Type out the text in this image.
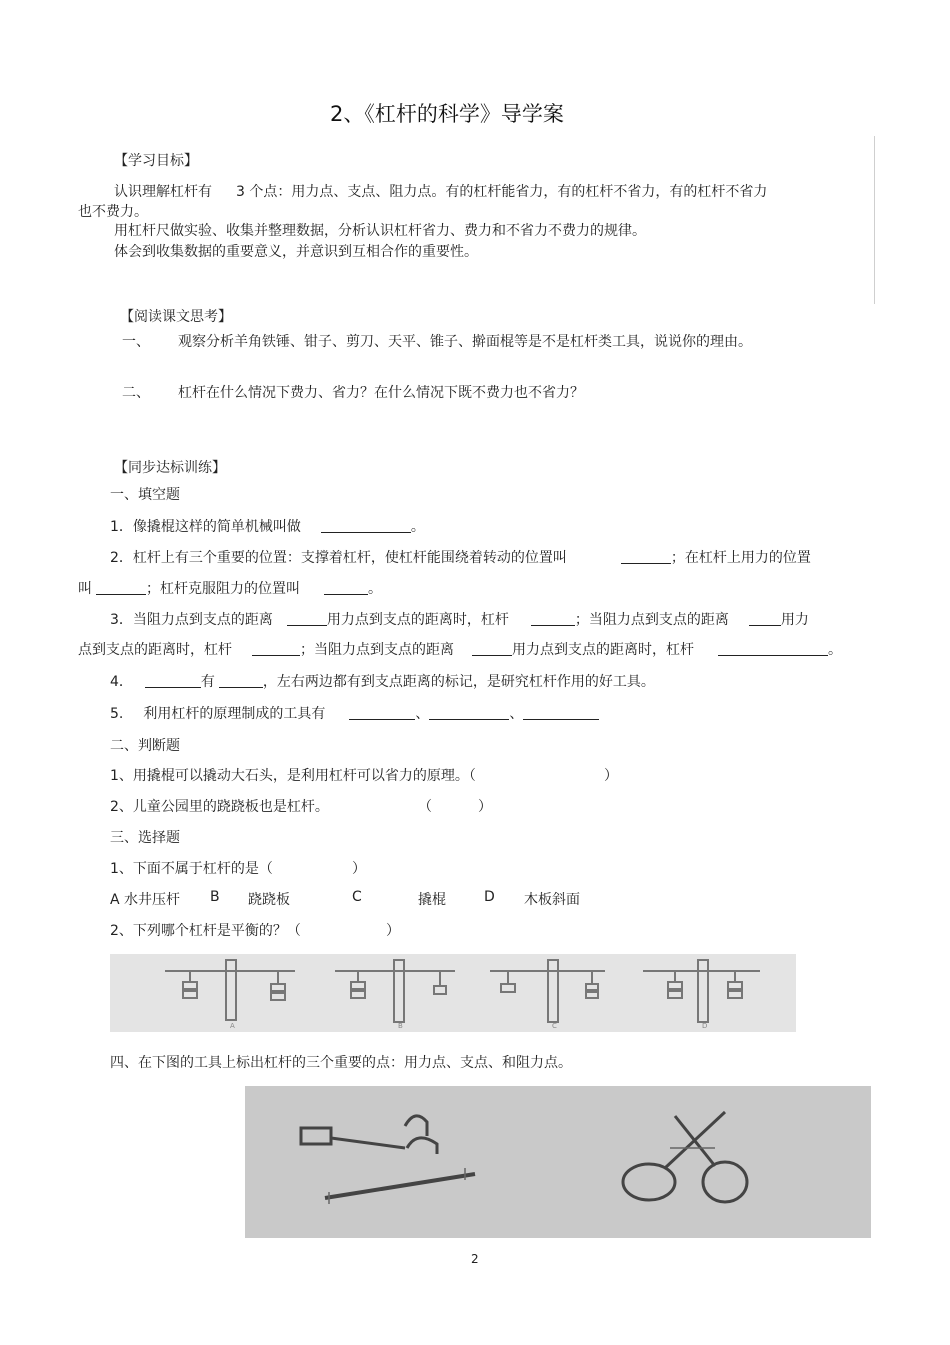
2、《杠杆的科学》导学案
【学习目标】
认识理解杠杆有 3 个点：用力点、支点、阻力点。有的杠杆能省力，有的杠杆不省力，有的杠杆不省力
也不费力。
用杠杆尺做实验、收集并整理数据，分析认识杠杆省力、费力和不省力不费力的规律。
体会到收集数据的重要意义，并意识到互相合作的重要性。
【阅读课文思考】
一、 观察分析羊角铁锤、钳子、剪刀、天平、锥子、擀面棍等是不是杠杆类工具，说说你的理由。
二、 杠杆在什么情况下费力、省力？在什么情况下既不费力也不省力？
【同步达标训练】
一、填空题
1．像撬棍这样的简单机械叫做	。
2．杠杆上有三个重要的位置：支撑着杠杆，使杠杆能围绕着转动的位置叫	；在杠杆上用力的位置
叫	；杠杆克服阻力的位置叫	。
3．当阻力点到支点的距离	用力点到支点的距离时，杠杆	；当阻力点到支点的距离	用力
点到支点的距离时，杠杆	；当阻力点到支点的距离	用力点到支点的距离时，杠杆	。
4．	有	，左右两边都有到支点距离的标记，是研究杠杆作用的好工具。
5. 利用杠杆的原理制成的工具有	、	、
二、判断题
1、用撬棍可以撬动大石头，是利用杠杆可以省力的原理。（	）
2、儿童公园里的跷跷板也是杠杆。	（	）
三、选择题
1、下面不属于杠杆的是（	）
A 水井压杆 B 跷跷板	C	撬棍	D 木板斜面
2、下列哪个杠杆是平衡的？（	）
A	B	C	D
四、在下图的工具上标出杠杆的三个重要的点：用力点、支点、和阻力点。
2
